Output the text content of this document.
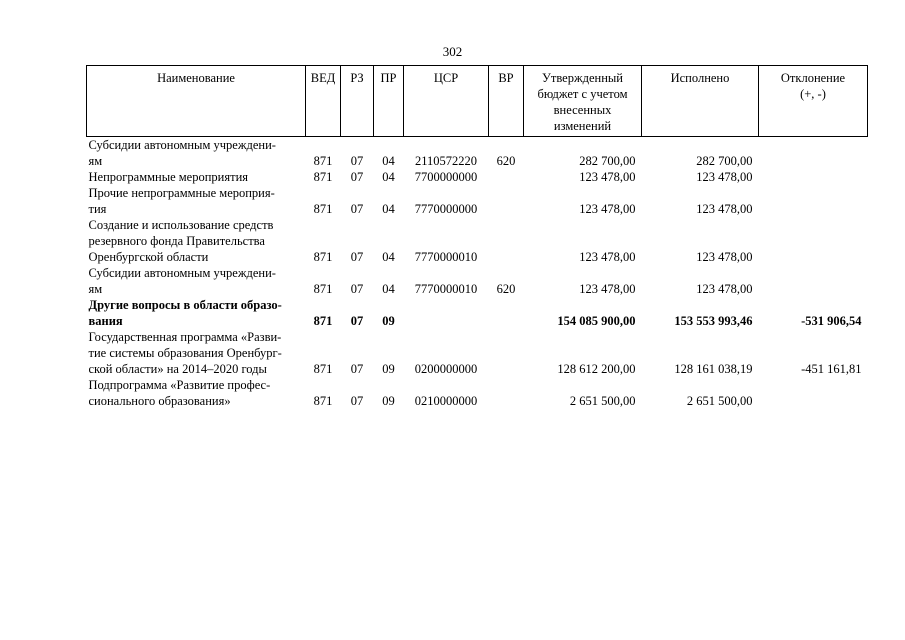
302
Наименование	ВЕД	РЗ	ПР	ЦСР	ВР	Утвержденный
бюджет с учетом
внесенных
изменений	Исполнено	Отклонение
(+, -)

Субсидии автономным учреждени-
ям	871	07	04	2110572220	620	282 700,00	282 700,00	

Непрограммные мероприятия	871	07	04	7700000000		123 478,00	123 478,00	

Прочие непрограммные мероприя-
тия	871	07	04	7770000000		123 478,00	123 478,00	

Создание и использование средств
резервного фонда Правительства
Оренбургской области	871	07	04	7770000010		123 478,00	123 478,00	

Субсидии автономным учреждени-
ям	871	07	04	7770000010	620	123 478,00	123 478,00	

Другие вопросы в области образо-
вания	871	07	09			154 085 900,00	153 553 993,46	-531 906,54

Государственная программа «Разви-
тие системы образования Оренбург-
ской области» на 2014–2020 годы	871	07	09	0200000000		128 612 200,00	128 161 038,19	-451 161,81

Подпрограмма «Развитие профес-
сионального образования»	871	07	09	0210000000		2 651 500,00	2 651 500,00	
